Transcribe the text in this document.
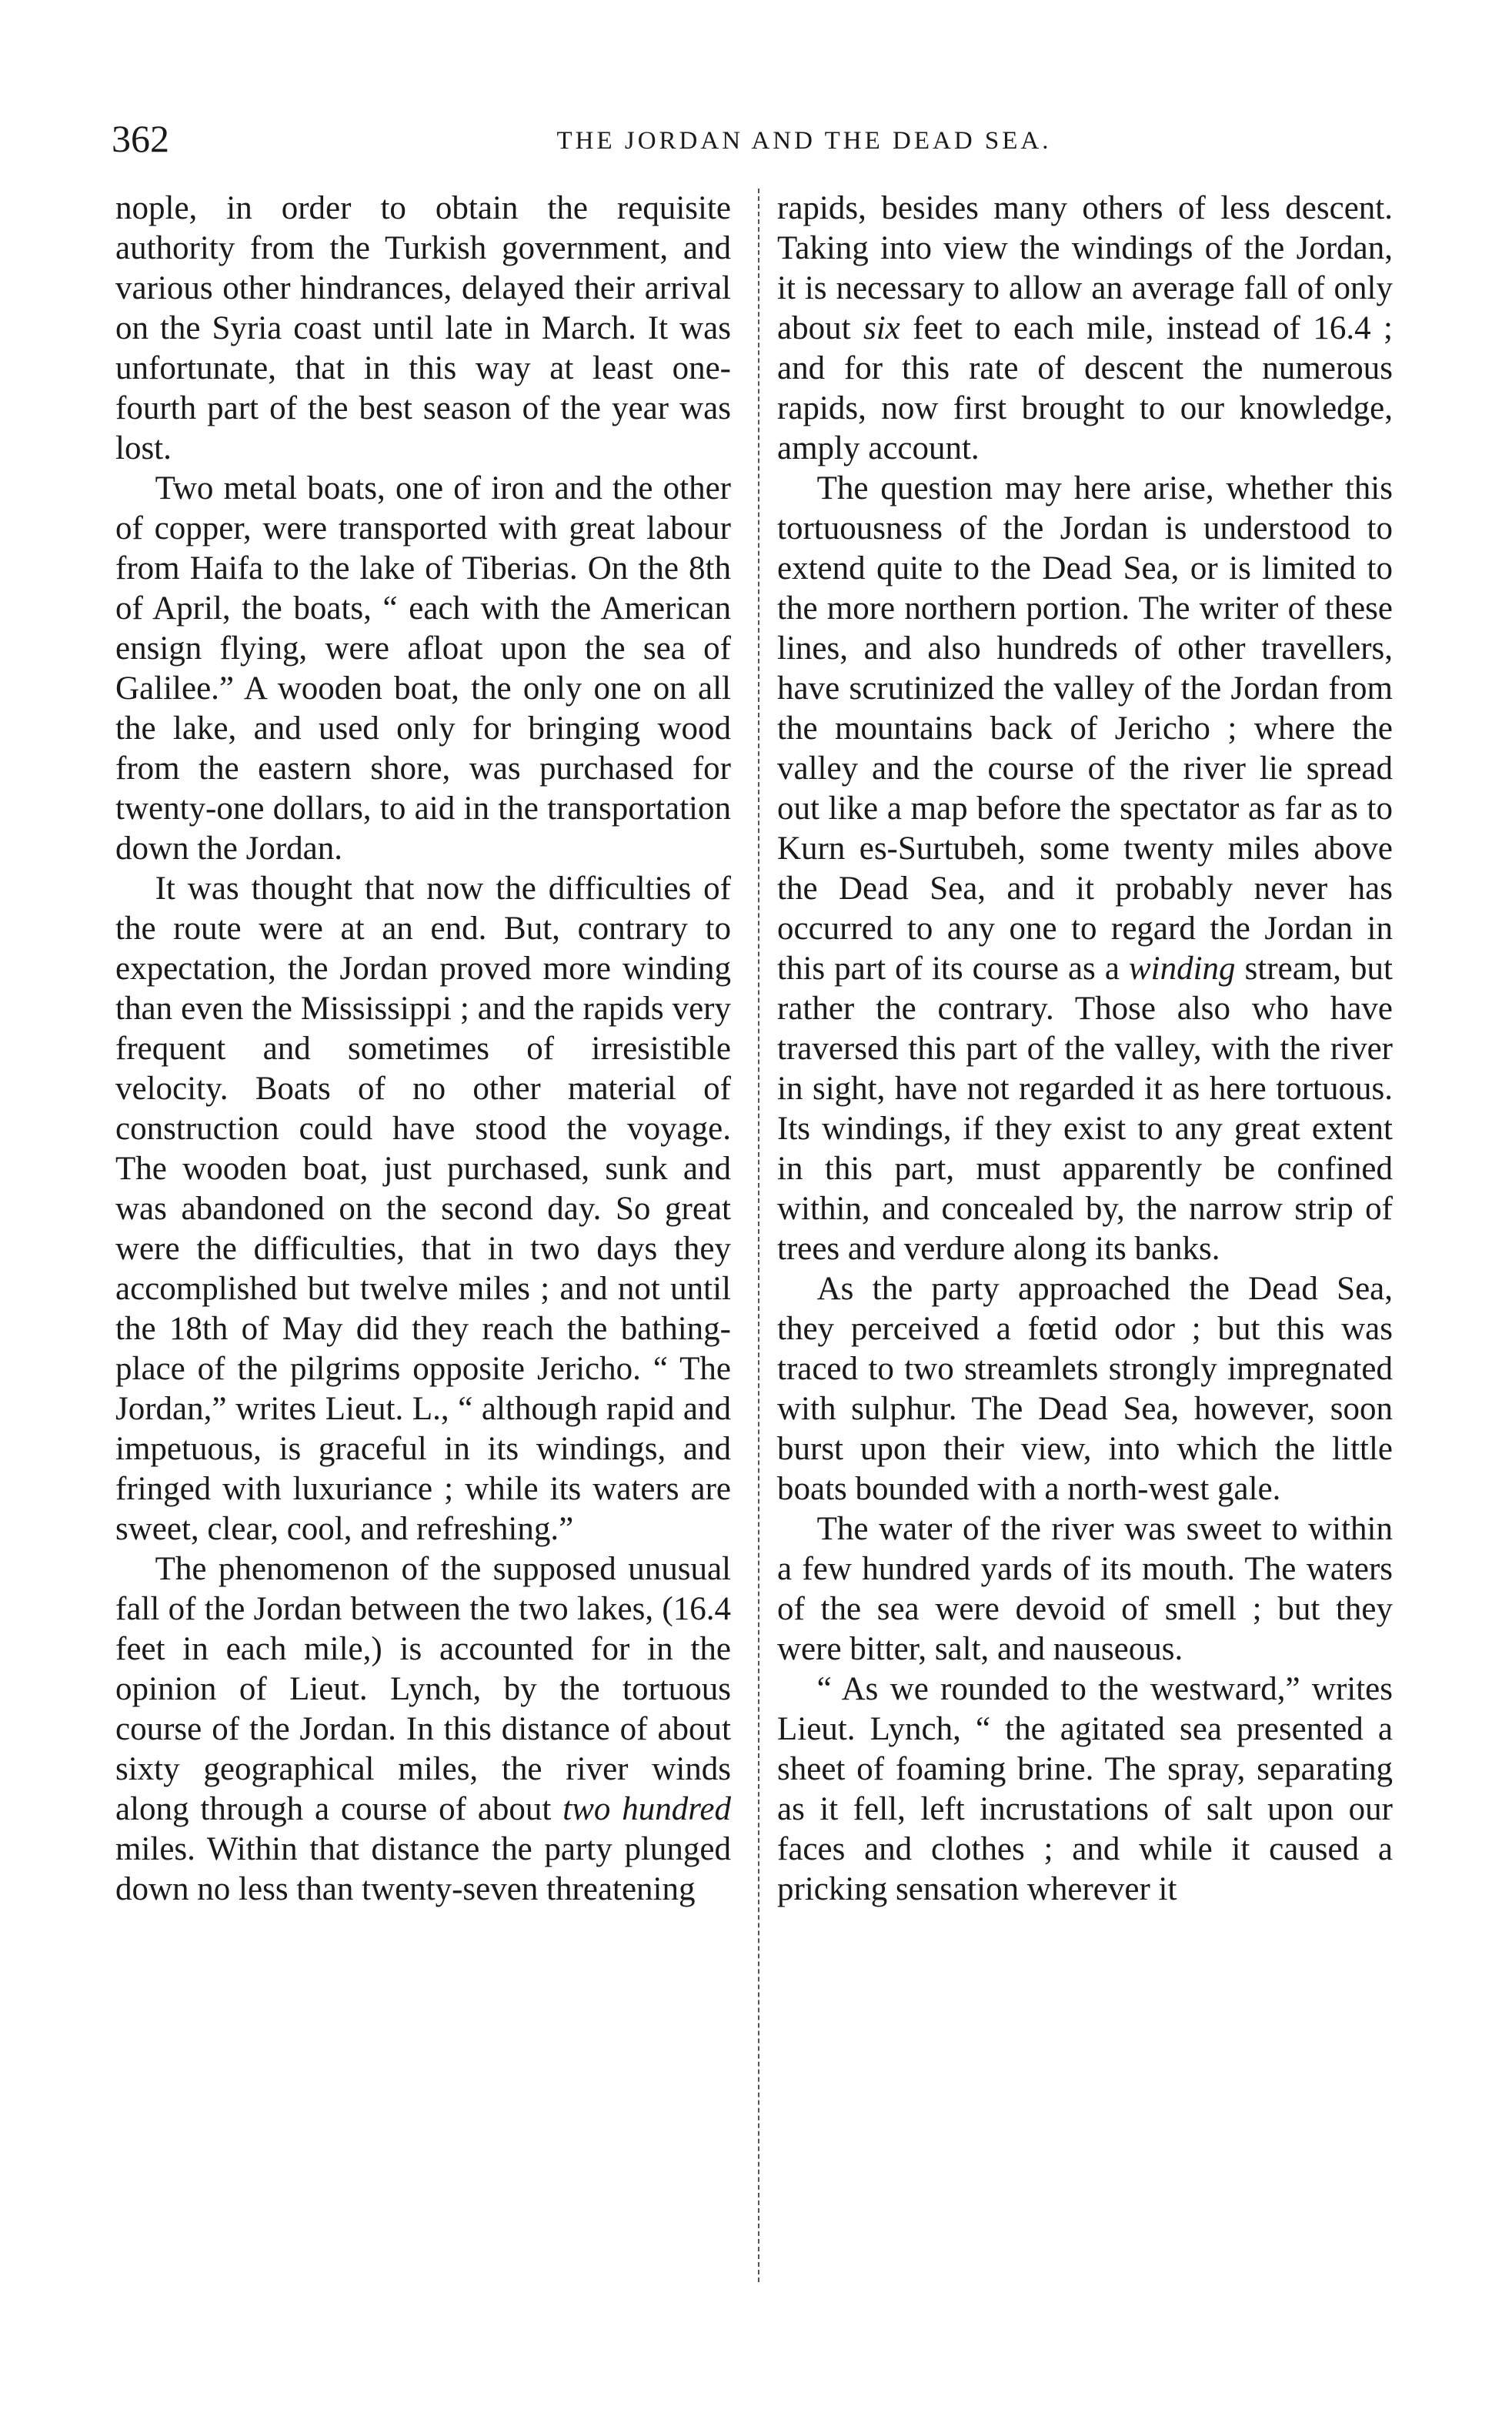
362	THE JORDAN AND THE DEAD SEA.

nople, in order to obtain the requisite authority from the Turkish government, and various other hindrances, delayed their arrival on the Syria coast until late in March. It was unfortunate, that in this way at least one-fourth part of the best season of the year was lost.

Two metal boats, one of iron and the other of copper, were transported with great labour from Haifa to the lake of Tiberias. On the 8th of April, the boats, “ each with the American ensign flying, were afloat upon the sea of Galilee.” A wooden boat, the only one on all the lake, and used only for bringing wood from the eastern shore, was purchased for twenty-one dollars, to aid in the transportation down the Jordan.

It was thought that now the difficulties of the route were at an end. But, contrary to expectation, the Jordan proved more winding than even the Mississippi ; and the rapids very frequent and sometimes of irresistible velocity. Boats of no other material of construction could have stood the voyage. The wooden boat, just purchased, sunk and was abandoned on the second day. So great were the difficulties, that in two days they accomplished but twelve miles ; and not until the 18th of May did they reach the bathing-place of the pilgrims opposite Jericho. “ The Jordan,” writes Lieut. L., “ although rapid and impetuous, is graceful in its windings, and fringed with luxuriance ; while its waters are sweet, clear, cool, and refreshing.”

The phenomenon of the supposed unusual fall of the Jordan between the two lakes, (16.4 feet in each mile,) is accounted for in the opinion of Lieut. Lynch, by the tortuous course of the Jordan. In this distance of about sixty geographical miles, the river winds along through a course of about two hundred miles. Within that distance the party plunged down no less than twenty-seven threatening

rapids, besides many others of less descent. Taking into view the windings of the Jordan, it is necessary to allow an average fall of only about six feet to each mile, instead of 16.4 ; and for this rate of descent the numerous rapids, now first brought to our knowledge, amply account.

The question may here arise, whether this tortuousness of the Jordan is understood to extend quite to the Dead Sea, or is limited to the more northern portion. The writer of these lines, and also hundreds of other travellers, have scrutinized the valley of the Jordan from the mountains back of Jericho ; where the valley and the course of the river lie spread out like a map before the spectator as far as to Kurn es-Surtubeh, some twenty miles above the Dead Sea, and it probably never has occurred to any one to regard the Jordan in this part of its course as a winding stream, but rather the contrary. Those also who have traversed this part of the valley, with the river in sight, have not regarded it as here tortuous. Its windings, if they exist to any great extent in this part, must apparently be confined within, and concealed by, the narrow strip of trees and verdure along its banks.

As the party approached the Dead Sea, they perceived a fœtid odor ; but this was traced to two streamlets strongly impregnated with sulphur. The Dead Sea, however, soon burst upon their view, into which the little boats bounded with a north-west gale.

The water of the river was sweet to within a few hundred yards of its mouth. The waters of the sea were devoid of smell ; but they were bitter, salt, and nauseous.

“ As we rounded to the westward,” writes Lieut. Lynch, “ the agitated sea presented a sheet of foaming brine. The spray, separating as it fell, left incrustations of salt upon our faces and clothes ; and while it caused a pricking sensation wherever it
